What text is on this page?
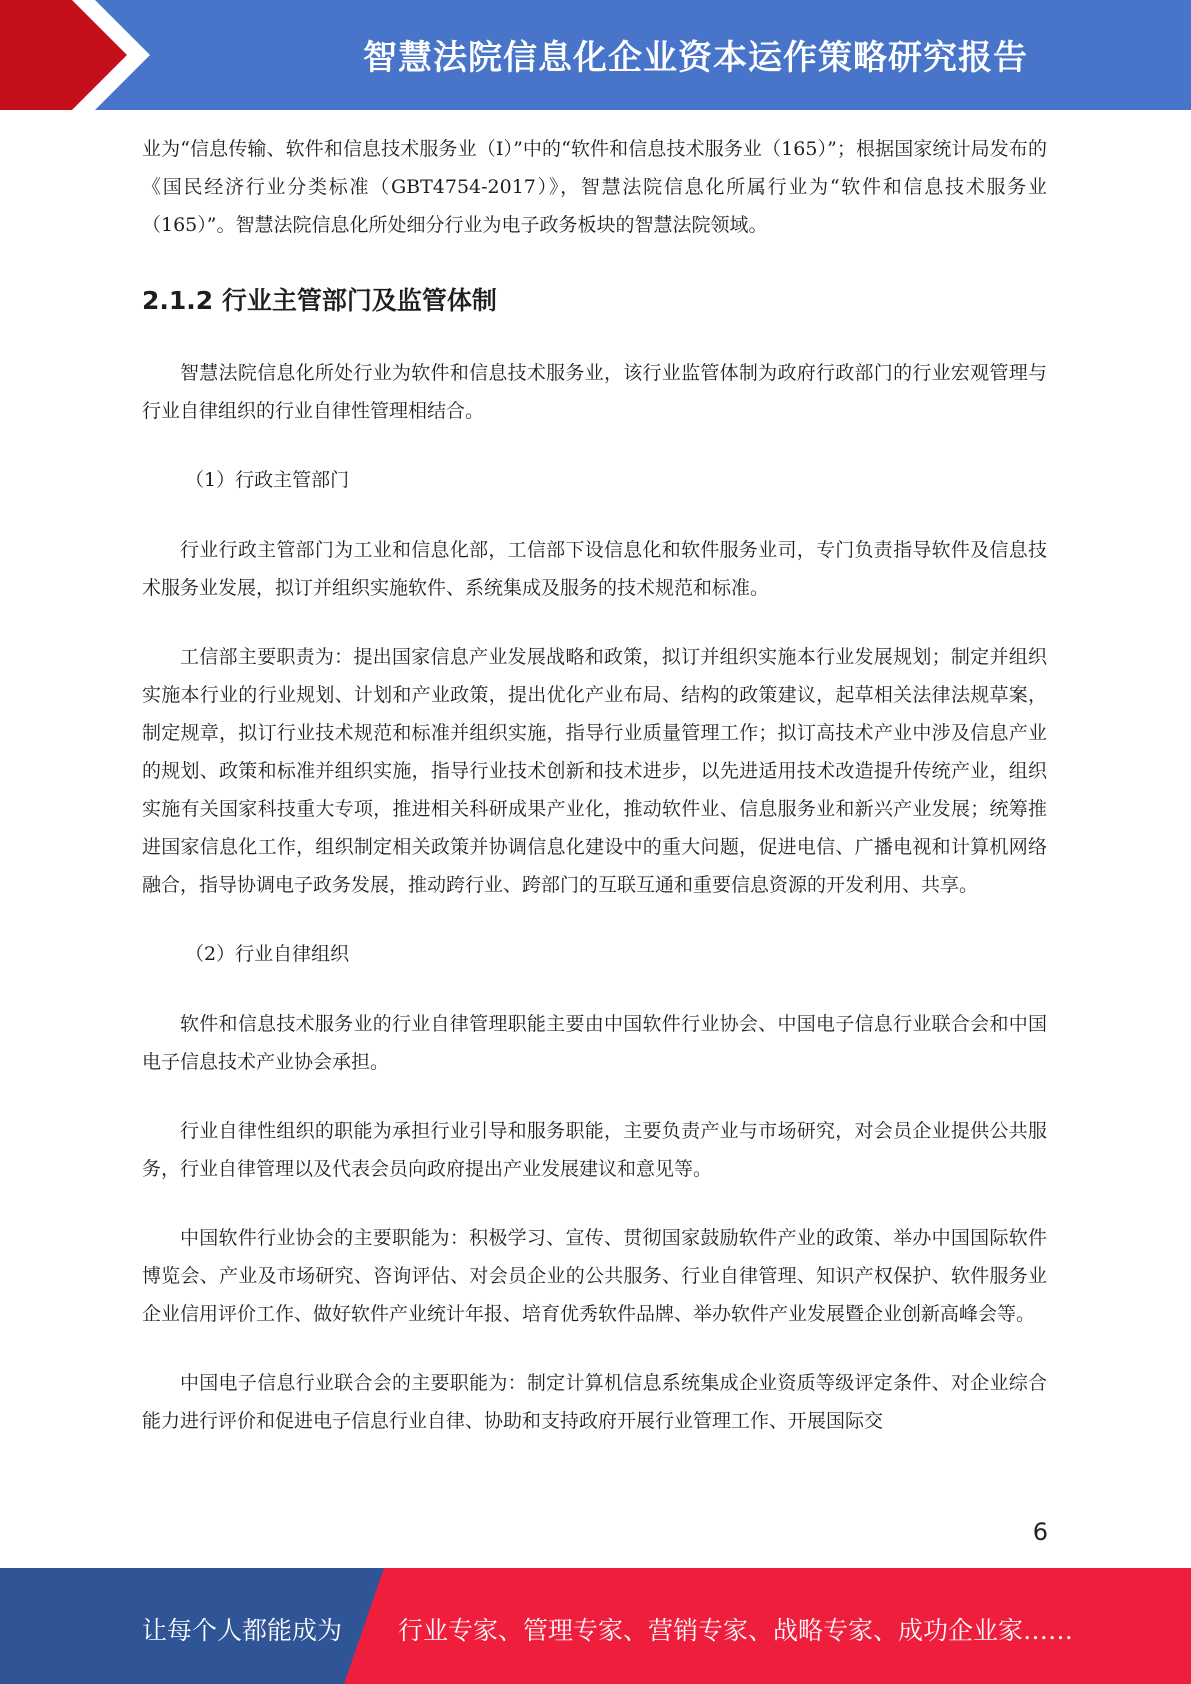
智慧法院信息化企业资本运作策略研究报告

业为“信息传输、软件和信息技术服务业（I）”中的“软件和信息技术服务业（165）”；根据国家统计局发布的《国民经济行业分类标准（GBT4754-2017）》，智慧法院信息化所属行业为“软件和信息技术服务业（165）”。智慧法院信息化所处细分行业为电子政务板块的智慧法院领域。

2.1.2 行业主管部门及监管体制

智慧法院信息化所处行业为软件和信息技术服务业，该行业监管体制为政府行政部门的行业宏观管理与行业自律组织的行业自律性管理相结合。

（1）行政主管部门

行业行政主管部门为工业和信息化部，工信部下设信息化和软件服务业司，专门负责指导软件及信息技术服务业发展，拟订并组织实施软件、系统集成及服务的技术规范和标准。

工信部主要职责为：提出国家信息产业发展战略和政策，拟订并组织实施本行业发展规划；制定并组织实施本行业的行业规划、计划和产业政策，提出优化产业布局、结构的政策建议，起草相关法律法规草案，制定规章，拟订行业技术规范和标准并组织实施，指导行业质量管理工作；拟订高技术产业中涉及信息产业的规划、政策和标准并组织实施，指导行业技术创新和技术进步，以先进适用技术改造提升传统产业，组织实施有关国家科技重大专项，推进相关科研成果产业化，推动软件业、信息服务业和新兴产业发展；统筹推进国家信息化工作，组织制定相关政策并协调信息化建设中的重大问题，促进电信、广播电视和计算机网络融合，指导协调电子政务发展，推动跨行业、跨部门的互联互通和重要信息资源的开发利用、共享。

（2）行业自律组织

软件和信息技术服务业的行业自律管理职能主要由中国软件行业协会、中国电子信息行业联合会和中国电子信息技术产业协会承担。

行业自律性组织的职能为承担行业引导和服务职能，主要负责产业与市场研究，对会员企业提供公共服务，行业自律管理以及代表会员向政府提出产业发展建议和意见等。

中国软件行业协会的主要职能为：积极学习、宣传、贯彻国家鼓励软件产业的政策、举办中国国际软件博览会、产业及市场研究、咨询评估、对会员企业的公共服务、行业自律管理、知识产权保护、软件服务业企业信用评价工作、做好软件产业统计年报、培育优秀软件品牌、举办软件产业发展暨企业创新高峰会等。

中国电子信息行业联合会的主要职能为：制定计算机信息系统集成企业资质等级评定条件、对企业综合能力进行评价和促进电子信息行业自律、协助和支持政府开展行业管理工作、开展国际交

6
让每个人都能成为 行业专家、管理专家、营销专家、战略专家、成功企业家……
